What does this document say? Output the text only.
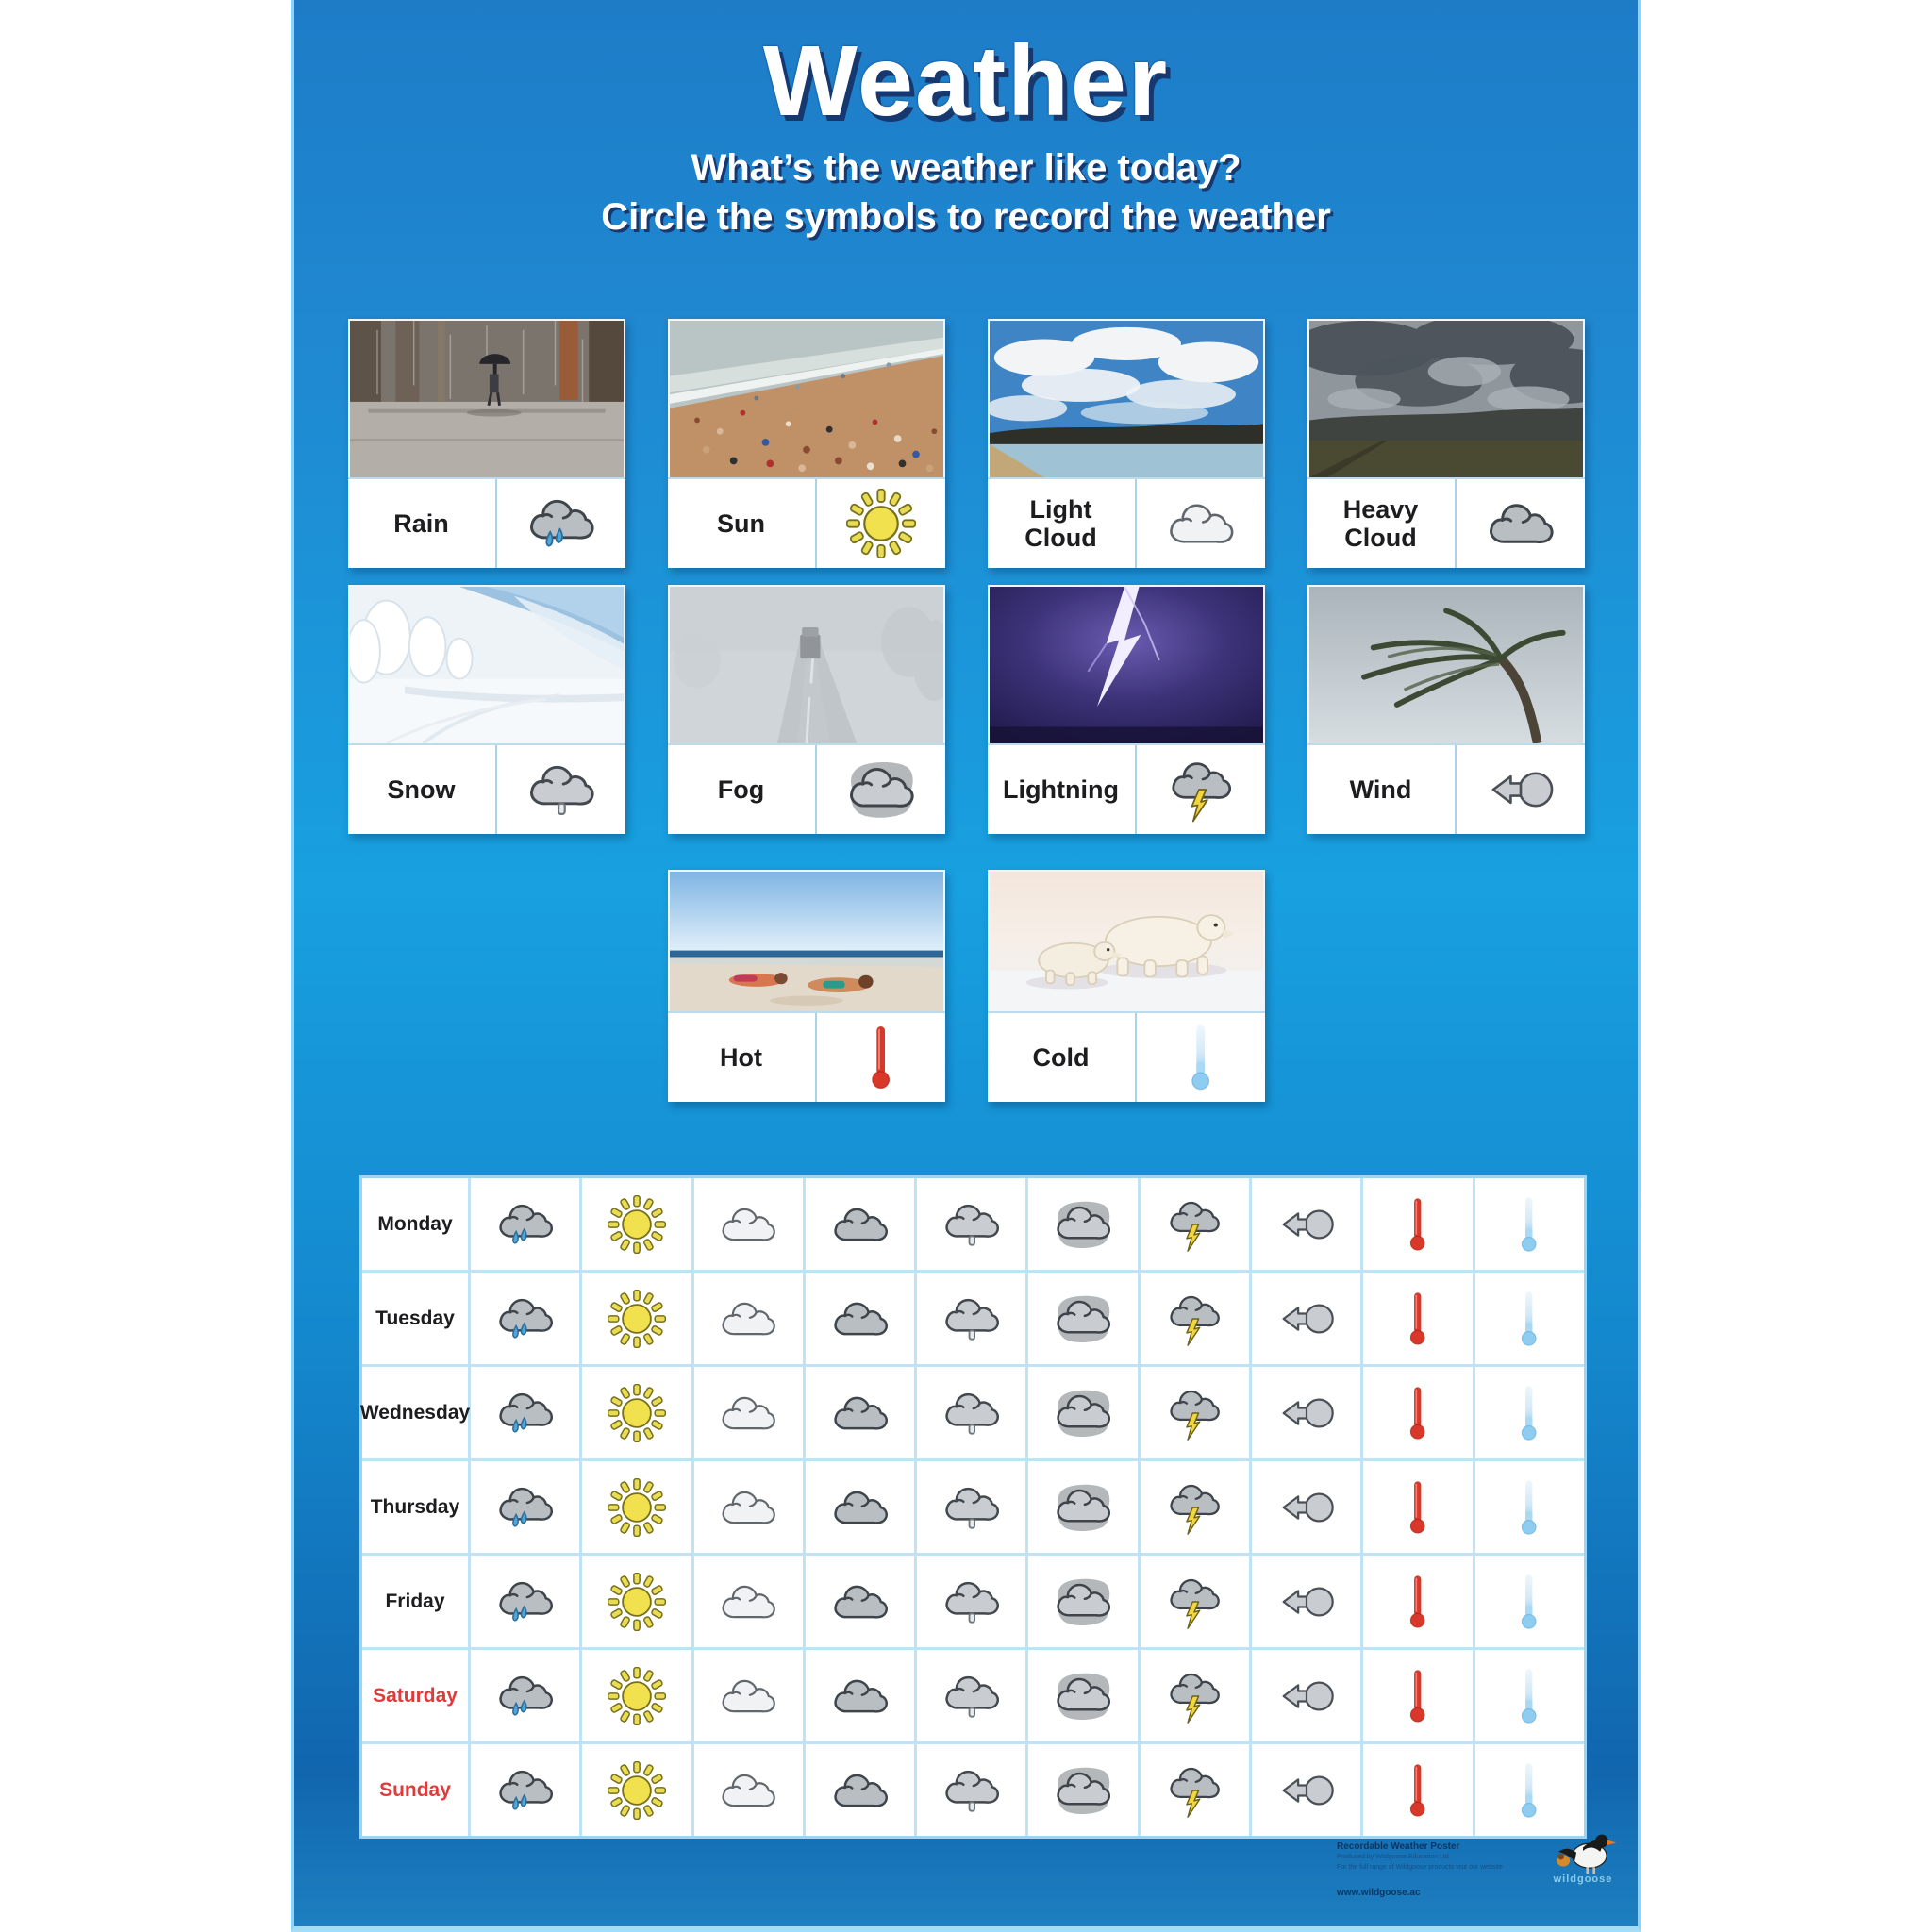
Weather
What’s the weather like today?
Circle the symbols to record the weather
Rain	Sun
Light Cloud
Heavy Cloud
Snow	Fog	Lightning	Wind
Hot	Cold
Monday
Tuesday
Wednesday
Thursday
Friday
Saturday
Sunday
Recordable Weather Poster
Produced by Wildgoose Education Ltd
For the full range of Wildgoose products visit our website
www.wildgoose.ac
wildgoose
